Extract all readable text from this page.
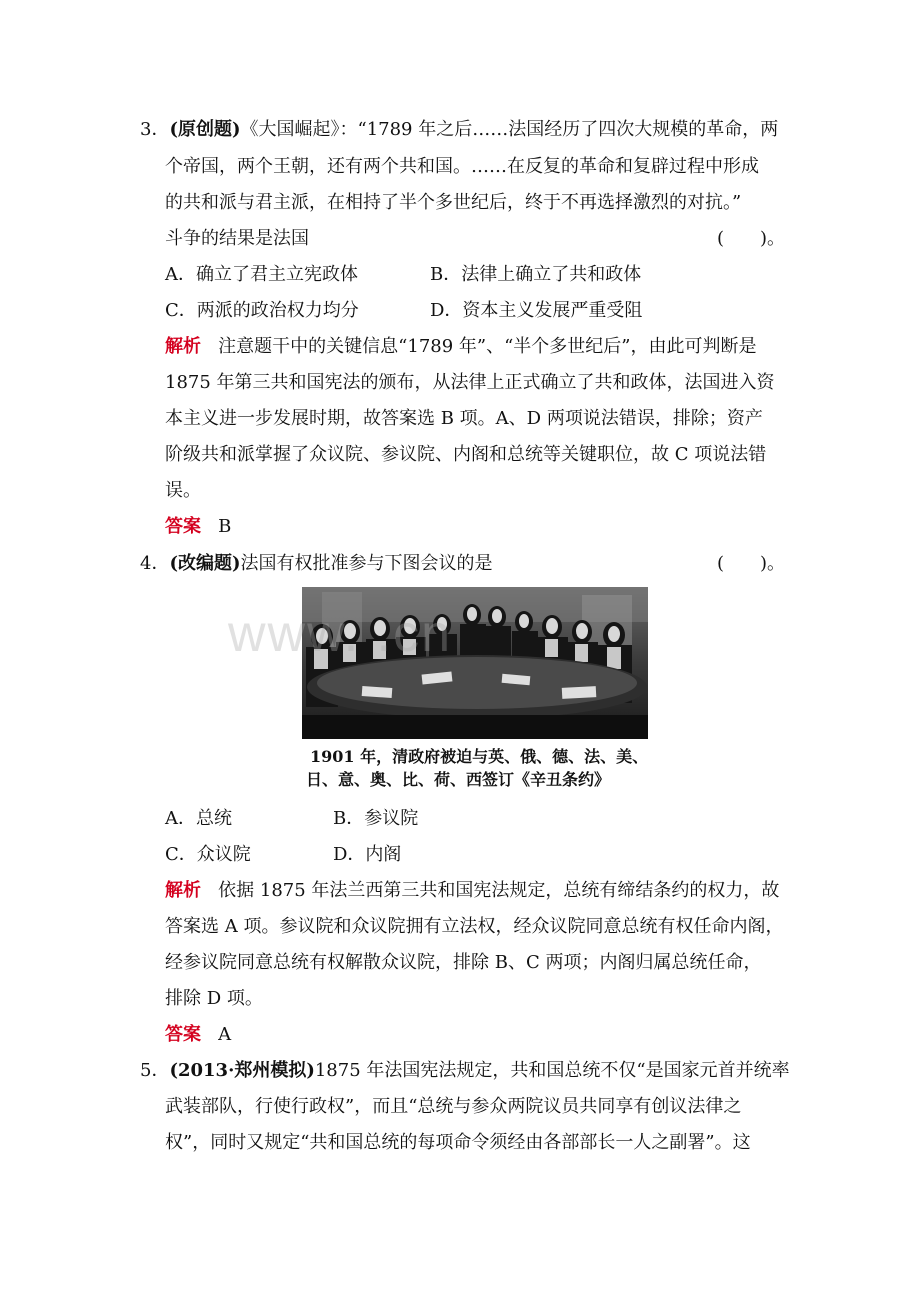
3．(原创题)《大国崛起》：“1789 年之后……法国经历了四次大规模的革命，两
个帝国，两个王朝，还有两个共和国。……在反复的革命和复辟过程中形成
的共和派与君主派，在相持了半个多世纪后，终于不再选择激烈的对抗。”
斗争的结果是法国	(　　)。
A．确立了君主立宪政体	B．法律上确立了共和政体
C．两派的政治权力均分	D．资本主义发展严重受阻
解析 注意题干中的关键信息“1789 年”、“半个多世纪后”，由此可判断是
1875 年第三共和国宪法的颁布，从法律上正式确立了共和政体，法国进入资
本主义进一步发展时期，故答案选 B 项。A、D 两项说法错误，排除；资产
阶级共和派掌握了众议院、参议院、内阁和总统等关键职位，故 C 项说法错
误。
答案 B
4．(改编题)法国有权批准参与下图会议的是	(　　)。
1901 年，清政府被迫与英、俄、德、法、美、
日、意、奥、比、荷、西签订《辛丑条约》
A．总统	B．参议院
C．众议院	D．内阁
解析 依据 1875 年法兰西第三共和国宪法规定，总统有缔结条约的权力，故
答案选 A 项。参议院和众议院拥有立法权，经众议院同意总统有权任命内阁，
经参议院同意总统有权解散众议院，排除 B、C 两项；内阁归属总统任命，
排除 D 项。
答案 A
5．(2013·郑州模拟)1875 年法国宪法规定，共和国总统不仅“是国家元首并统率
武装部队，行使行政权”，而且“总统与参众两院议员共同享有创议法律之
权”，同时又规定“共和国总统的每项命令须经由各部部长一人之副署”。这
www. .cn
